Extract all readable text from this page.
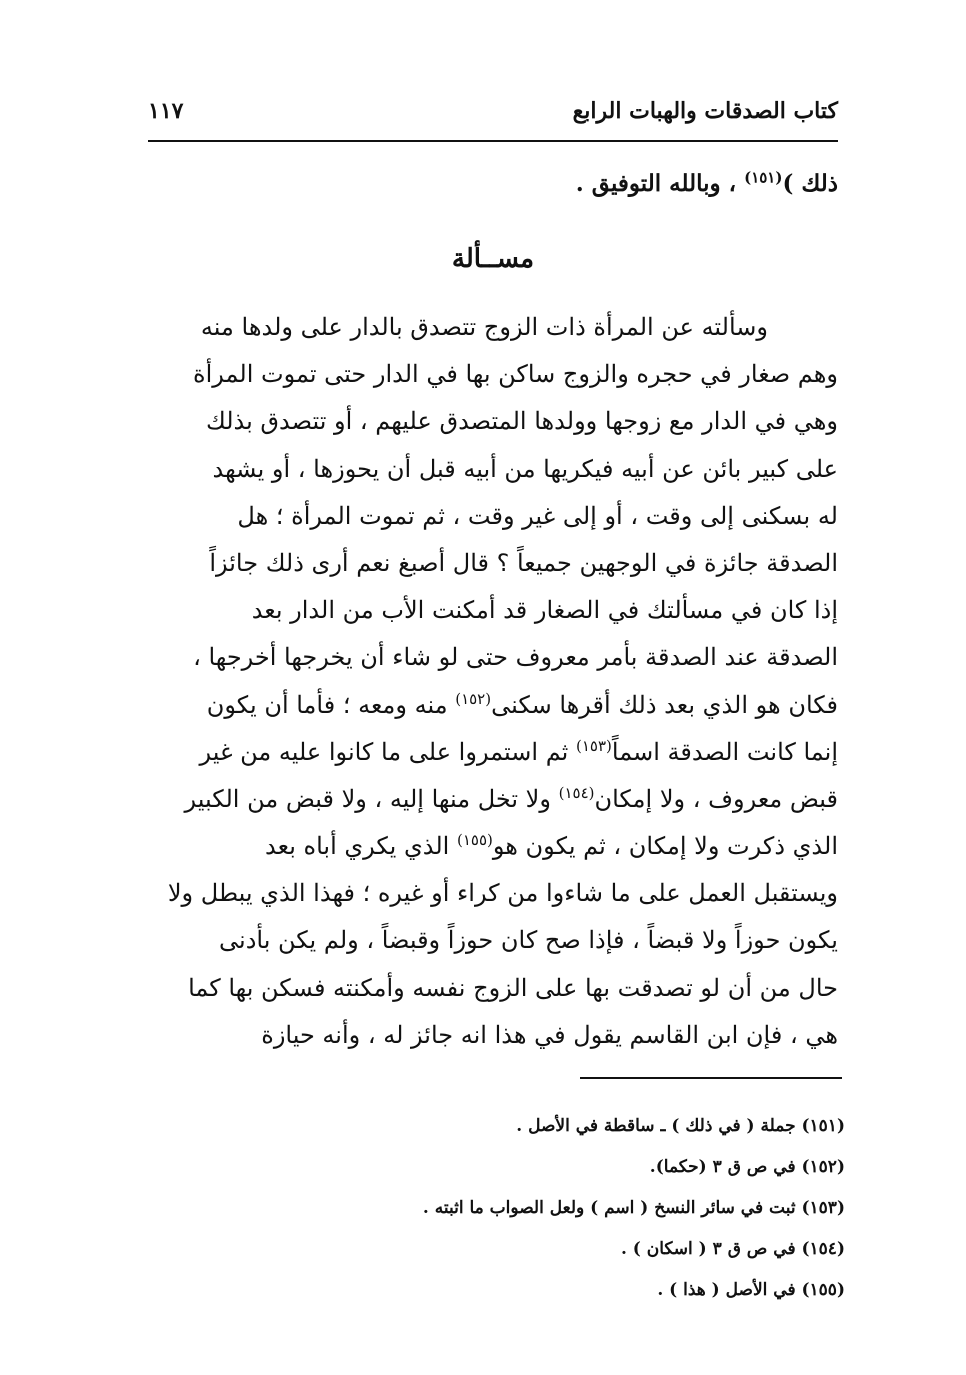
كتاب الصدقات والهبات الرابع
١١٧
ذلك )$^{(١٥١)}$ ، وبالله التوفيق .
مســألة
وسألته عن المرأة ذات الزوج تتصدق بالدار على ولدها منه
وهم صغار في حجره والزوج ساكن بها في الدار حتى تموت المرأة
وهي في الدار مع زوجها وولدها المتصدق عليهم ، أو تتصدق بذلك
على كبير بائن عن أبيه فيكريها من أبيه قبل أن يحوزها ، أو يشهد
له بسكنى إلى وقت ، أو إلى غير وقت ، ثم تموت المرأة ؛ هل
الصدقة جائزة في الوجهين جميعاً ؟ قال أصبغ نعم أرى ذلك جائزاً
إذا كان في مسألتك في الصغار قد أمكنت الأب من الدار بعد
الصدقة عند الصدقة بأمر معروف حتى لو شاء أن يخرجها أخرجها ،
فكان هو الذي بعد ذلك أقرها سكنى$^{(١٥٢)}$ منه ومعه ؛ فأما أن يكون
إنما كانت الصدقة اسماً$^{(١٥٣)}$ ثم استمروا على ما كانوا عليه من غير
قبض معروف ، ولا إمكان$^{(١٥٤)}$ ولا تخل منها إليه ، ولا قبض من الكبير
الذي ذكرت ولا إمكان ، ثم يكون هو$^{(١٥٥)}$ الذي يكري أباه بعد
ويستقبل العمل على ما شاءوا من كراء أو غيره ؛ فهذا الذي يبطل ولا
يكون حوزاً ولا قبضاً ، فإذا صح كان حوزاً وقبضاً ، ولم يكن بأدنى
حال من أن لو تصدقت بها على الزوج نفسه وأمكنته فسكن بها كما
هي ، فإن ابن القاسم يقول في هذا انه جائز له ، وأنه حيازة
(١٥١) جملة ( في ذلك ) ـ ساقطة في الأصل .
(١٥٢) في ص ق ٣ (حكما).
(١٥٣) ثبت في سائر النسخ ( اسم ) ولعل الصواب ما اثبته .
(١٥٤) في ص ق ٣ ( اسكان ) .
(١٥٥) في الأصل ( هذا ) .
